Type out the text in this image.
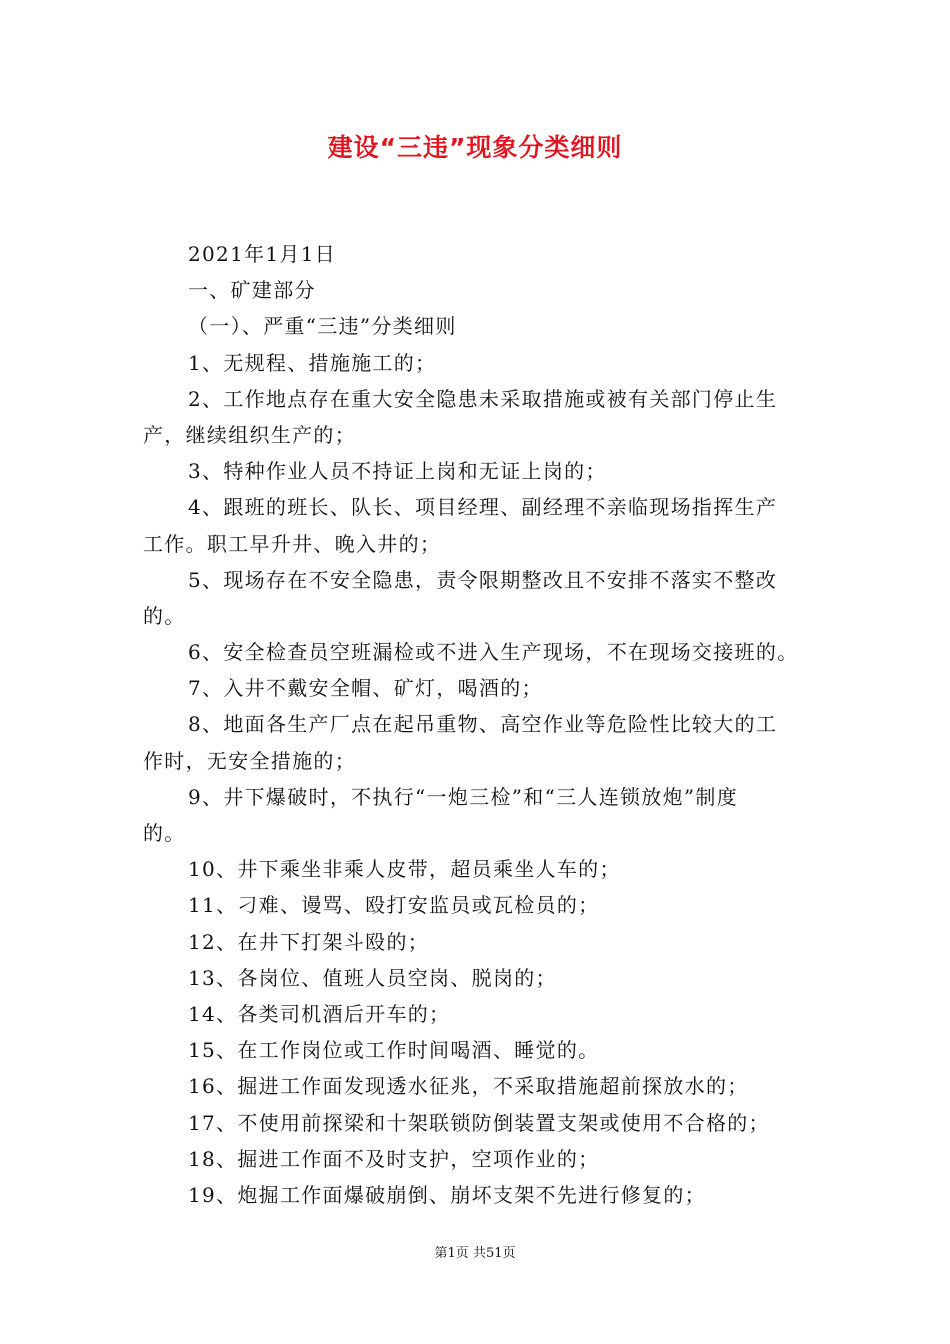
建设“三违”现象分类细则
2021年1月1日
一、矿建部分
（一）、严重“三违”分类细则
1、无规程、措施施工的；
2、工作地点存在重大安全隐患未采取措施或被有关部门停止生
产，继续组织生产的；
3、特种作业人员不持证上岗和无证上岗的；
4、跟班的班长、队长、项目经理、副经理不亲临现场指挥生产
工作。职工早升井、晚入井的；
5、现场存在不安全隐患，责令限期整改且不安排不落实不整改
的。
6、安全检查员空班漏检或不进入生产现场，不在现场交接班的。
7、入井不戴安全帽、矿灯，喝酒的；
8、地面各生产厂点在起吊重物、高空作业等危险性比较大的工
作时，无安全措施的；
9、井下爆破时，不执行“一炮三检”和“三人连锁放炮”制度
的。
10、井下乘坐非乘人皮带，超员乘坐人车的；
11、刁难、谩骂、殴打安监员或瓦检员的；
12、在井下打架斗殴的；
13、各岗位、值班人员空岗、脱岗的；
14、各类司机酒后开车的；
15、在工作岗位或工作时间喝酒、睡觉的。
16、掘进工作面发现透水征兆，不采取措施超前探放水的；
17、不使用前探梁和十架联锁防倒装置支架或使用不合格的；
18、掘进工作面不及时支护，空项作业的；
19、炮掘工作面爆破崩倒、崩坏支架不先进行修复的；
第1页 共51页
